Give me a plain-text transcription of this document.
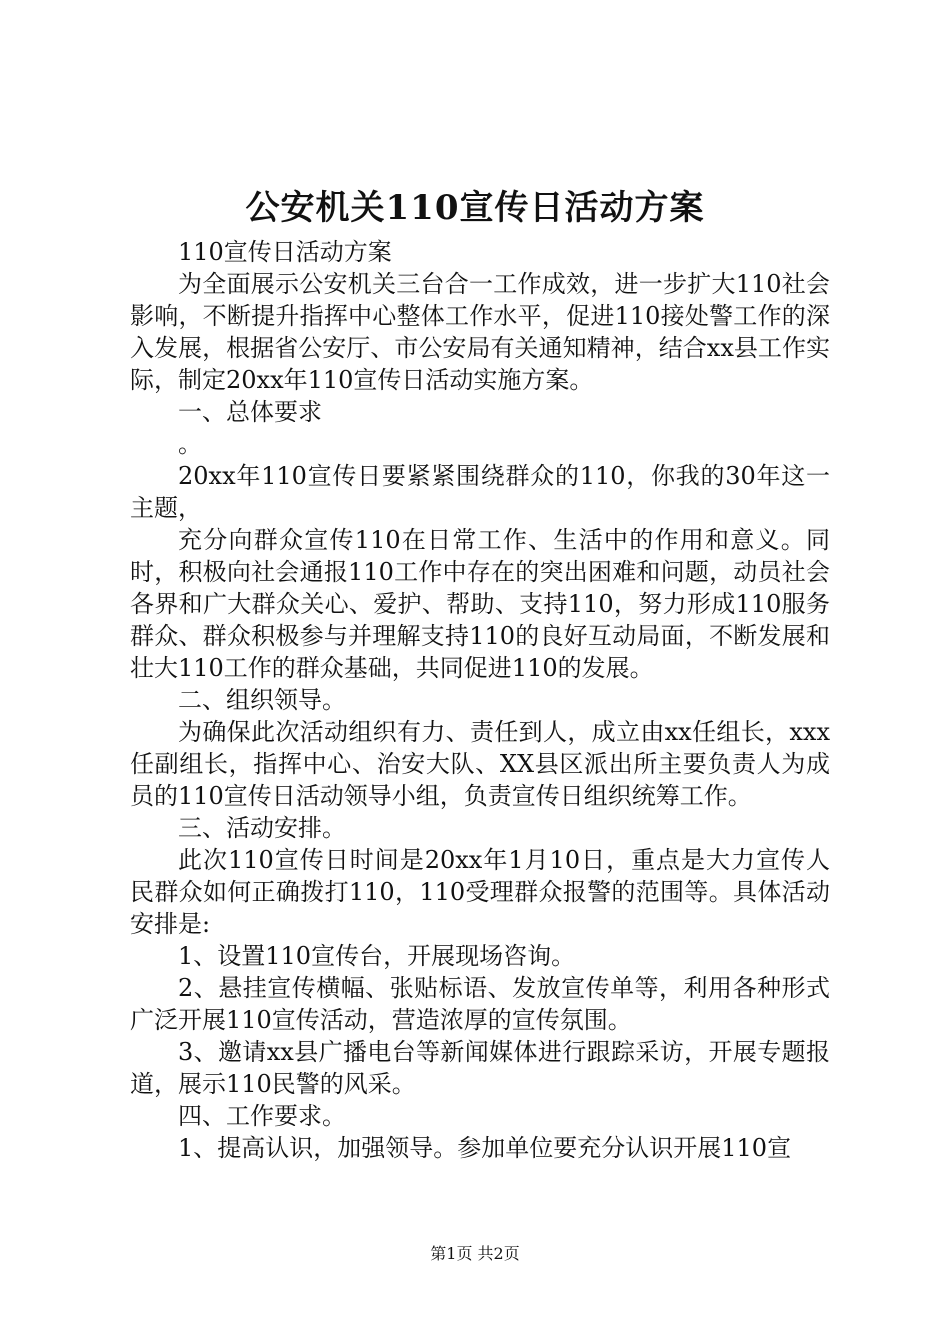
公安机关110宣传日活动方案

110宣传日活动方案

为全面展示公安机关三台合一工作成效，进一步扩大110社会影响，不断提升指挥中心整体工作水平，促进110接处警工作的深入发展，根据省公安厅、市公安局有关通知精神，结合xx县工作实际，制定20xx年110宣传日活动实施方案。

一、总体要求

。

20xx年110宣传日要紧紧围绕群众的110，你我的30年这一主题，

充分向群众宣传110在日常工作、生活中的作用和意义。同时，积极向社会通报110工作中存在的突出困难和问题，动员社会各界和广大群众关心、爱护、帮助、支持110，努力形成110服务群众、群众积极参与并理解支持110的良好互动局面，不断发展和壮大110工作的群众基础，共同促进110的发展。

二、组织领导。

为确保此次活动组织有力、责任到人，成立由xx任组长，xxx任副组长，指挥中心、治安大队、XX县区派出所主要负责人为成员的110宣传日活动领导小组，负责宣传日组织统筹工作。

三、活动安排。

此次110宣传日时间是20xx年1月10日，重点是大力宣传人民群众如何正确拨打110，110受理群众报警的范围等。具体活动安排是:

1、设置110宣传台，开展现场咨询。

2、悬挂宣传横幅、张贴标语、发放宣传单等，利用各种形式广泛开展110宣传活动，营造浓厚的宣传氛围。

3、邀请xx县广播电台等新闻媒体进行跟踪采访，开展专题报道，展示110民警的风采。

四、工作要求。

1、提高认识，加强领导。参加单位要充分认识开展110宣

第1页 共2页
